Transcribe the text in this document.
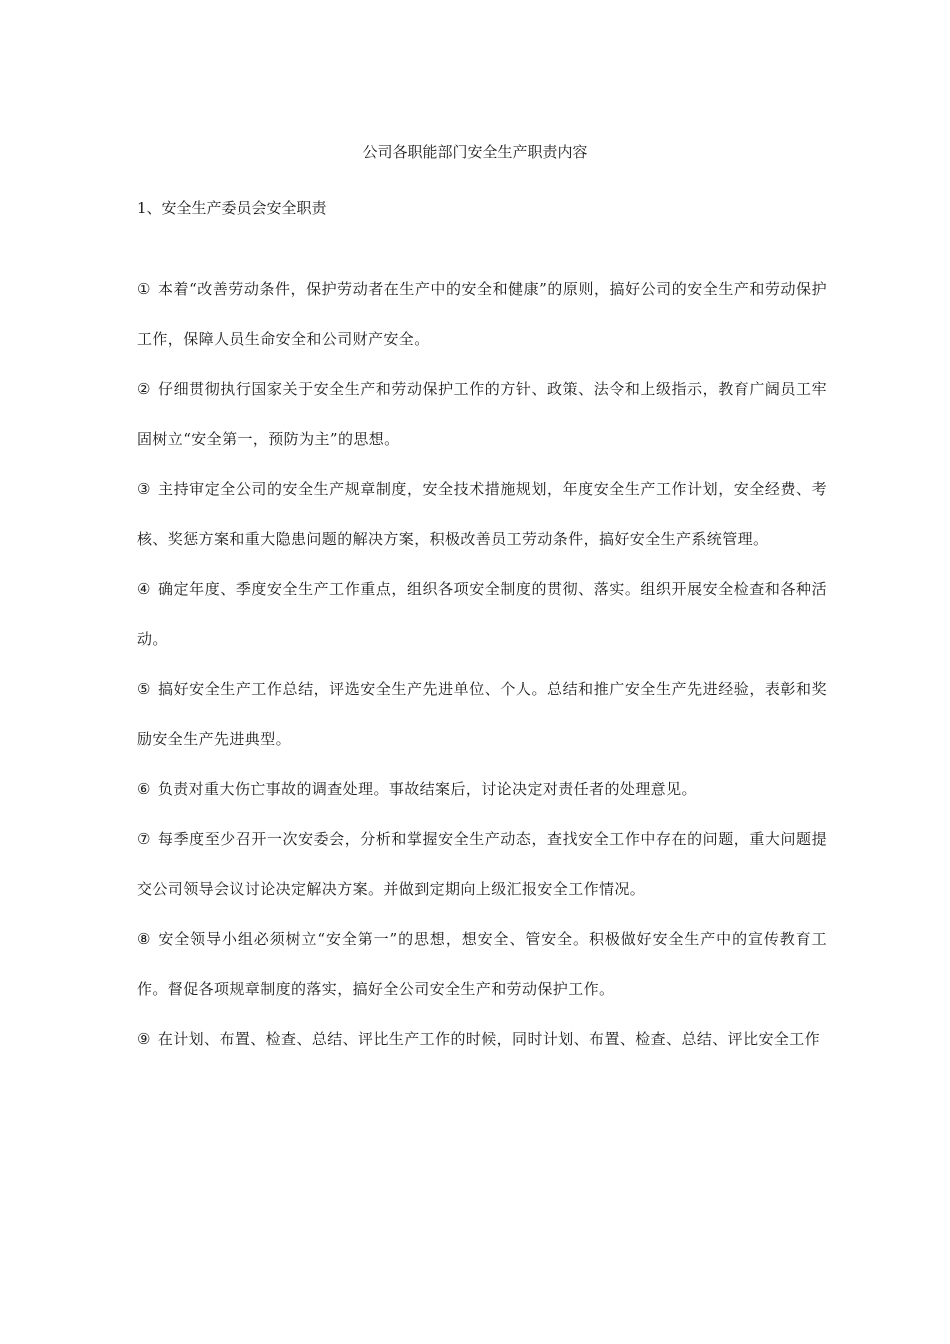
公司各职能部门安全生产职责内容
1、安全生产委员会安全职责

① 本着“改善劳动条件，保护劳动者在生产中的安全和健康”的原则，搞好公司的安全生产和劳动保护工作，保障人员生命安全和公司财产安全。

② 仔细贯彻执行国家关于安全生产和劳动保护工作的方针、政策、法令和上级指示，教育广阔员工牢固树立“安全第一，预防为主”的思想。

③ 主持审定全公司的安全生产规章制度，安全技术措施规划，年度安全生产工作计划，安全经费、考核、奖惩方案和重大隐患问题的解决方案，积极改善员工劳动条件，搞好安全生产系统管理。

④ 确定年度、季度安全生产工作重点，组织各项安全制度的贯彻、落实。组织开展安全检查和各种活动。

⑤ 搞好安全生产工作总结，评选安全生产先进单位、个人。总结和推广安全生产先进经验，表彰和奖励安全生产先进典型。

⑥ 负责对重大伤亡事故的调查处理。事故结案后，讨论决定对责任者的处理意见。

⑦ 每季度至少召开一次安委会，分析和掌握安全生产动态，查找安全工作中存在的问题，重大问题提交公司领导会议讨论决定解决方案。并做到定期向上级汇报安全工作情况。

⑧ 安全领导小组必须树立“安全第一”的思想，想安全、管安全。积极做好安全生产中的宣传教育工作。督促各项规章制度的落实，搞好全公司安全生产和劳动保护工作。

⑨ 在计划、布置、检查、总结、评比生产工作的时候，同时计划、布置、检查、总结、评比安全工作
